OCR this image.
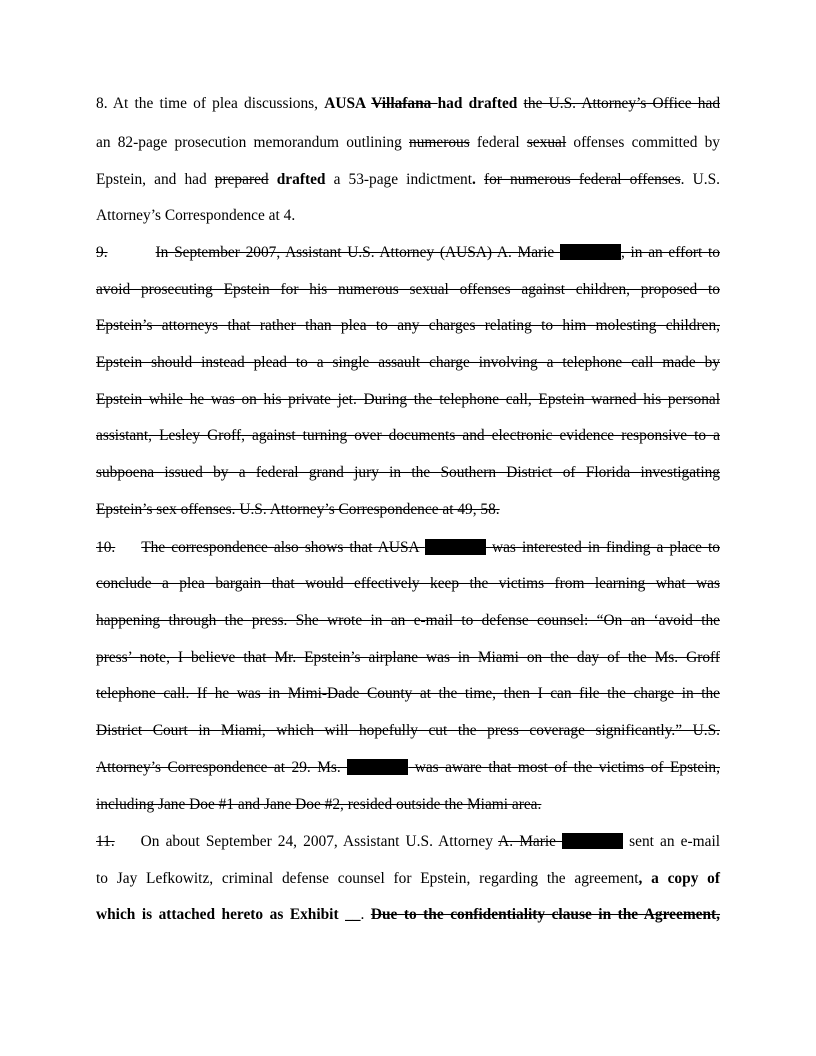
8. At the time of plea discussions, AUSA Villafana had drafted the U.S. Attorney’s Office had
an 82-page prosecution memorandum outlining numerous federal sexual offenses committed by
Epstein, and had prepared drafted a 53-page indictment. for numerous federal offenses. U.S.
Attorney’s Correspondence at 4.
9.	In September 2007, Assistant U.S. Attorney (AUSA) A. Marie	, in an effort to
avoid prosecuting Epstein for his numerous sexual offenses against children, proposed to
Epstein’s attorneys that rather than plea to any charges relating to him molesting children,
Epstein should instead plead to a single assault charge involving a telephone call made by
Epstein while he was on his private jet. During the telephone call, Epstein warned his personal
assistant, Lesley Groff, against turning over documents and electronic evidence responsive to a
subpoena issued by a federal grand jury in the Southern District of Florida investigating
Epstein’s sex offenses. U.S. Attorney’s Correspondence at 49, 58.
10. The correspondence also shows that AUSA	was interested in finding a place to
conclude a plea bargain that would effectively keep the victims from learning what was
happening through the press. She wrote in an e-mail to defense counsel: “On an ‘avoid the
press’ note, I believe that Mr. Epstein’s airplane was in Miami on the day of the Ms. Groff
telephone call. If he was in Mimi-Dade County at the time, then I can file the charge in the
District Court in Miami, which will hopefully cut the press coverage significantly.” U.S.
Attorney’s Correspondence at 29. Ms.	was aware that most of the victims of Epstein,
including Jane Doe #1 and Jane Doe #2, resided outside the Miami area.
11. On about September 24, 2007, Assistant U.S. Attorney A. Marie	sent an e-mail
to Jay Lefkowitz, criminal defense counsel for Epstein, regarding the agreement, a copy of
which is attached hereto as Exhibit __. Due to the confidentiality clause in the Agreement,
